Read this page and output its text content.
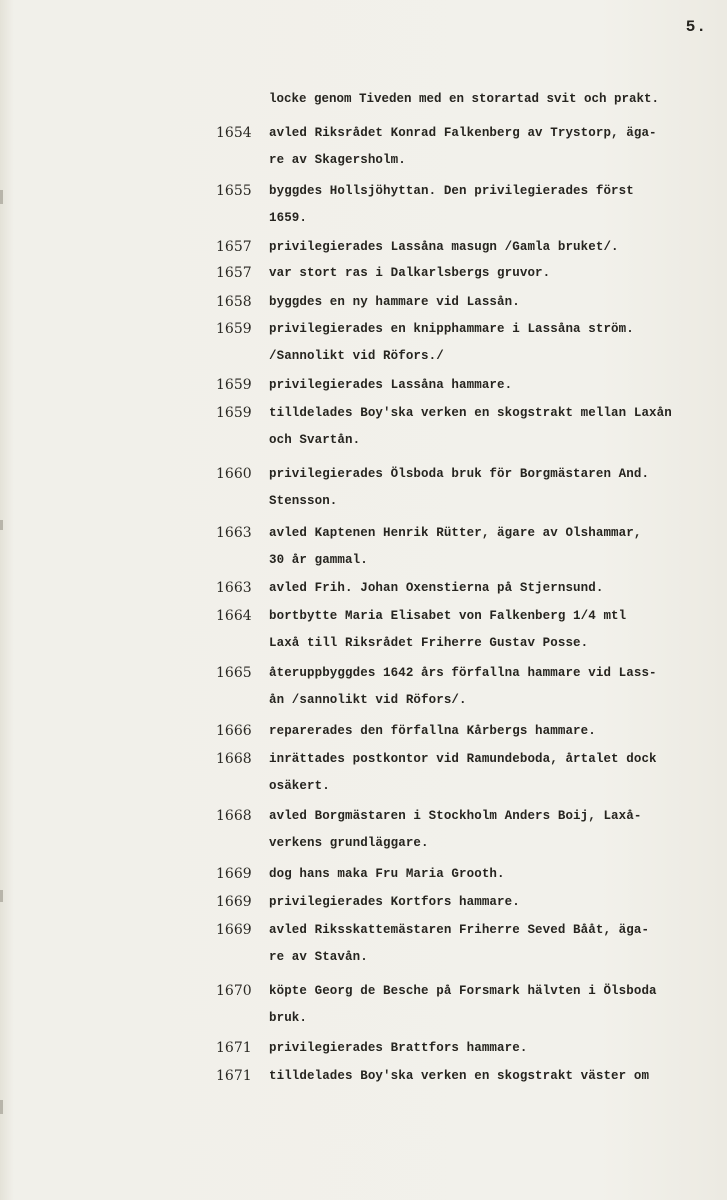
5.
locke genom Tiveden med en storartad svit och prakt.
1654	avled Riksrådet Konrad Falkenberg av Trystorp, äga-
re av Skagersholm.
1655	byggdes Hollsjöhyttan. Den privilegierades först
1659.
1657	privilegierades Lassåna masugn /Gamla bruket/.
1657	var stort ras i Dalkarlsbergs gruvor.
1658	byggdes en ny hammare vid Lassån.
1659	privilegierades en knipphammare i Lassåna ström.
/Sannolikt vid Röfors./
1659	privilegierades Lassåna hammare.
1659	tilldelades Boy'ska verken en skogstrakt mellan Laxån
och Svartån.
1660	privilegierades Ölsboda bruk för Borgmästaren And.
Stensson.
1663	avled Kaptenen Henrik Rütter, ägare av Olshammar,
30 år gammal.
1663	avled Frih. Johan Oxenstierna på Stjernsund.
1664	bortbytte Maria Elisabet von Falkenberg 1/4 mtl
Laxå till Riksrådet Friherre Gustav Posse.
1665	återuppbyggdes 1642 års förfallna hammare vid Lass-
ån /sannolikt vid Röfors/.
1666	reparerades den förfallna Kårbergs hammare.
1668	inrättades postkontor vid Ramundeboda, årtalet dock
osäkert.
1668	avled Borgmästaren i Stockholm Anders Boij, Laxå-
verkens grundläggare.
1669	dog hans maka Fru Maria Grooth.
1669	privilegierades Kortfors hammare.
1669	avled Riksskattemästaren Friherre Seved Bååt, äga-
re av Stavån.
1670	köpte Georg de Besche på Forsmark hälvten i Ölsboda
bruk.
1671	privilegierades Brattfors hammare.
1671	tilldelades Boy'ska verken en skogstrakt väster om
